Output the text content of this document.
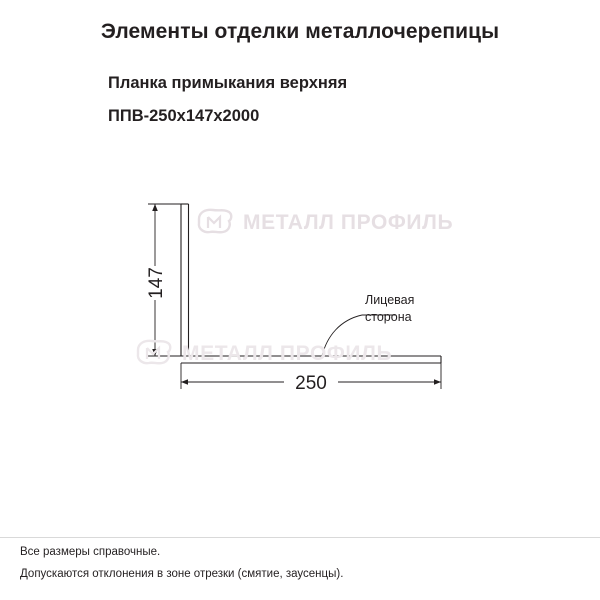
Элементы отделки металлочерепицы
Планка примыкания верхняя
ППВ-250х147х2000
МЕТАЛЛ ПРОФИЛЬ
147
250
Лицевая
сторона
МЕТАЛЛ ПРОФИЛЬ
Все размеры справочные.
Допускаются отклонения в зоне отрезки (смятие, заусенцы).
